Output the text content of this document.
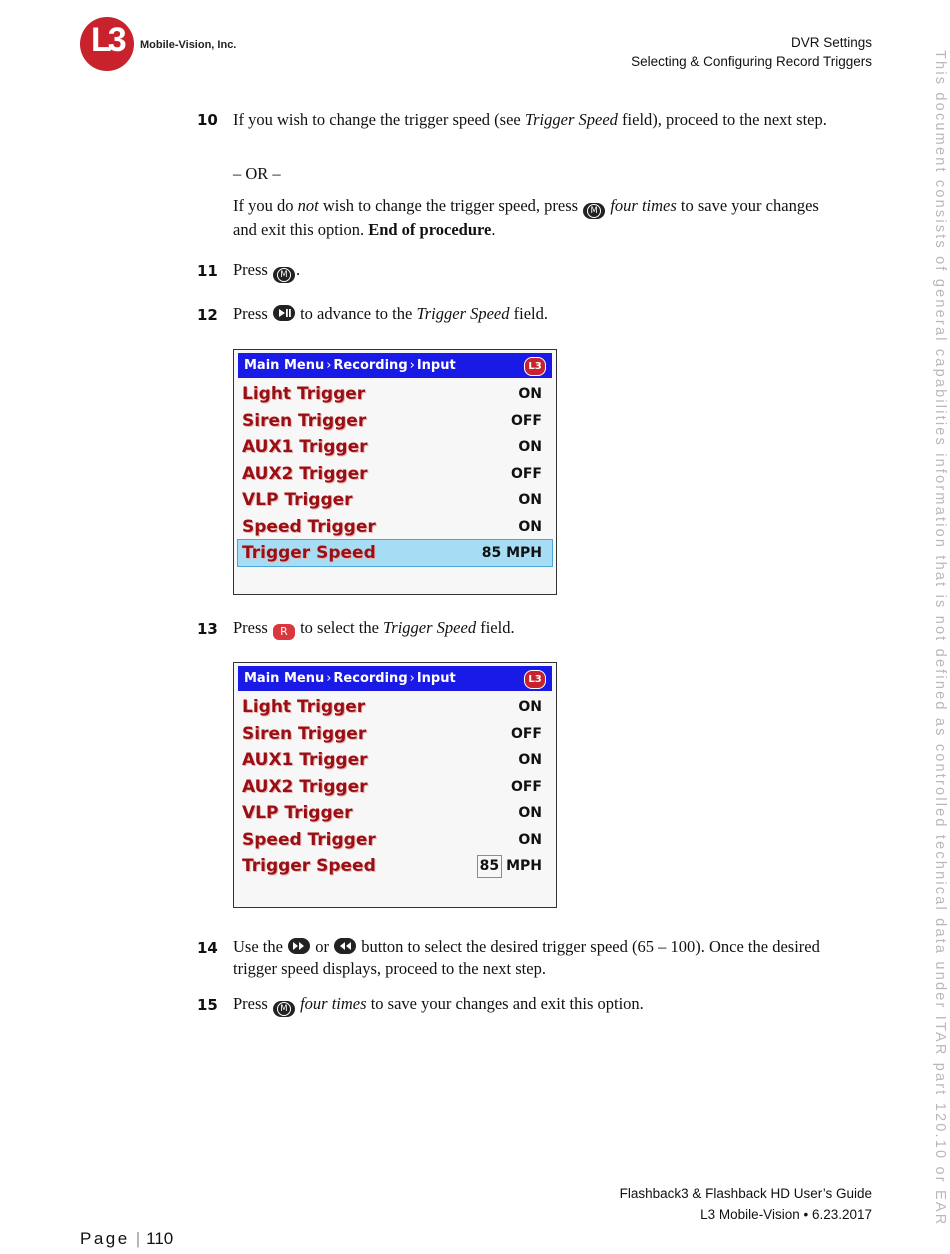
L3 Mobile-Vision, Inc.	DVR Settings
Selecting & Configuring Record Triggers	This document consists of general capabilities information that is not defined as controlled technical data under ITAR part 120.10 or EAR
10 If you wish to change the trigger speed (see Trigger Speed field), proceed to the next step.
– OR –
If you do not wish to change the trigger speed, press M four times to save your changes and exit this option. End of procedure.
11 Press M .
12 Press
to advance to the Trigger Speed field.
Main Menu › Recording › Input	L3
Light Trigger	ON
Siren Trigger	OFF
AUX1 Trigger	ON
AUX2 Trigger	OFF
VLP Trigger	ON
Speed Trigger	ON
Trigger Speed	85 MPH
13 Press R to select the Trigger Speed field.
Main Menu › Recording › Input	L3
Light Trigger	ON
Siren Trigger	OFF
AUX1 Trigger	ON
AUX2 Trigger	OFF
VLP Trigger	ON
Speed Trigger	ON
Trigger Speed	85 MPH
14 Use the
or
button to select the desired trigger speed (65 – 100). Once the desired trigger speed displays, proceed to the next step.
15 Press M four times to save your changes and exit this option.
Flashback3 & Flashback HD User’s Guide
L3 Mobile-Vision • 6.23.2017
Page | 110
